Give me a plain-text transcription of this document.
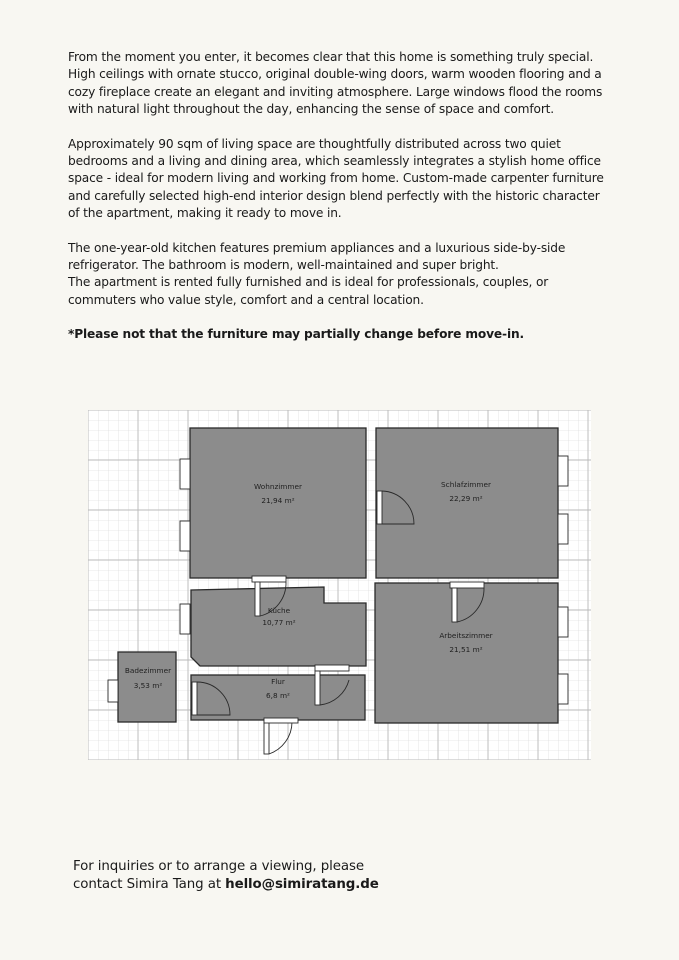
From the moment you enter, it becomes clear that this home is something truly special. High ceilings with ornate stucco, original double-wing doors, warm wooden flooring and a cozy fireplace create an elegant and inviting atmosphere. Large windows flood the rooms with natural light throughout the day, enhancing the sense of space and comfort.

Approximately 90 sqm of living space are thoughtfully distributed across two quiet bedrooms and a living and dining area, which seamlessly integrates a stylish home office space - ideal for modern living and working from home. Custom-made carpenter furniture and carefully selected high-end interior design blend perfectly with the historic character of the apartment, making it ready to move in.

The one-year-old kitchen features premium appliances and a luxurious side-by-side refrigerator. The bathroom is modern, well-maintained and super bright.

The apartment is rented fully furnished and is ideal for professionals, couples, or commuters who value style, comfort and a central location.

*Please not that the furniture may partially change before move-in.

Wohnzimmer
21,94 m²
Schlafzimmer
22,29 m²
Küche
10,77 m²
Arbeitszimmer
21,51 m²
Badezimmer
3,53 m²	Flur
6,8 m²
For inquiries or to arrange a viewing, please
contact Simira Tang at hello@simiratang.de
